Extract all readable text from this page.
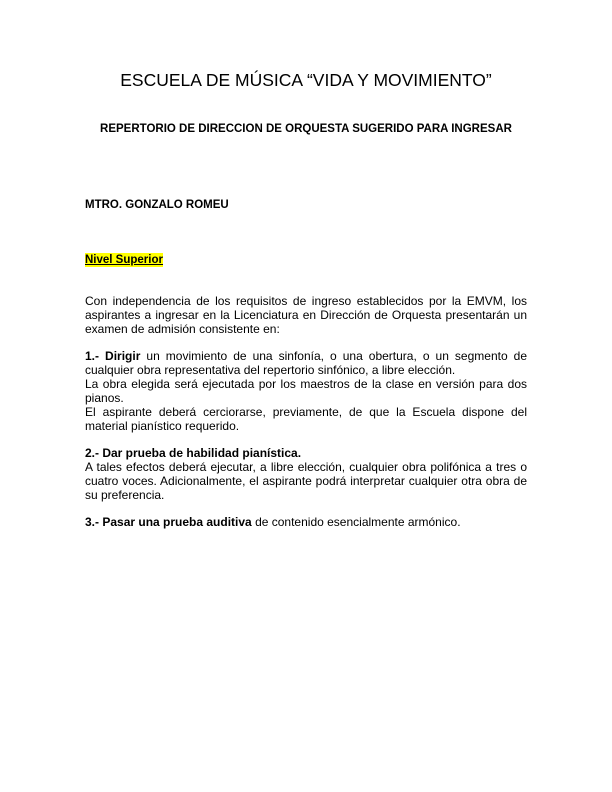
ESCUELA DE MÚSICA “VIDA Y MOVIMIENTO”
REPERTORIO DE DIRECCION DE ORQUESTA SUGERIDO PARA INGRESAR
MTRO. GONZALO ROMEU
Nivel Superior

Con independencia de los requisitos de ingreso establecidos por la EMVM, los aspirantes a ingresar en la Licenciatura en Dirección de Orquesta presentarán un examen de admisión consistente en:

1.- Dirigir un movimiento de una sinfonía, o una obertura, o un segmento de cualquier obra representativa del repertorio sinfónico, a libre elección.

La obra elegida será ejecutada por los maestros de la clase en versión para dos pianos.

El aspirante deberá cerciorarse, previamente, de que la Escuela dispone del material pianístico requerido.

2.- Dar prueba de habilidad pianística.

A tales efectos deberá ejecutar, a libre elección, cualquier obra polifónica a tres o cuatro voces. Adicionalmente, el aspirante podrá interpretar cualquier otra obra de su preferencia.

3.- Pasar una prueba auditiva de contenido esencialmente armónico.
